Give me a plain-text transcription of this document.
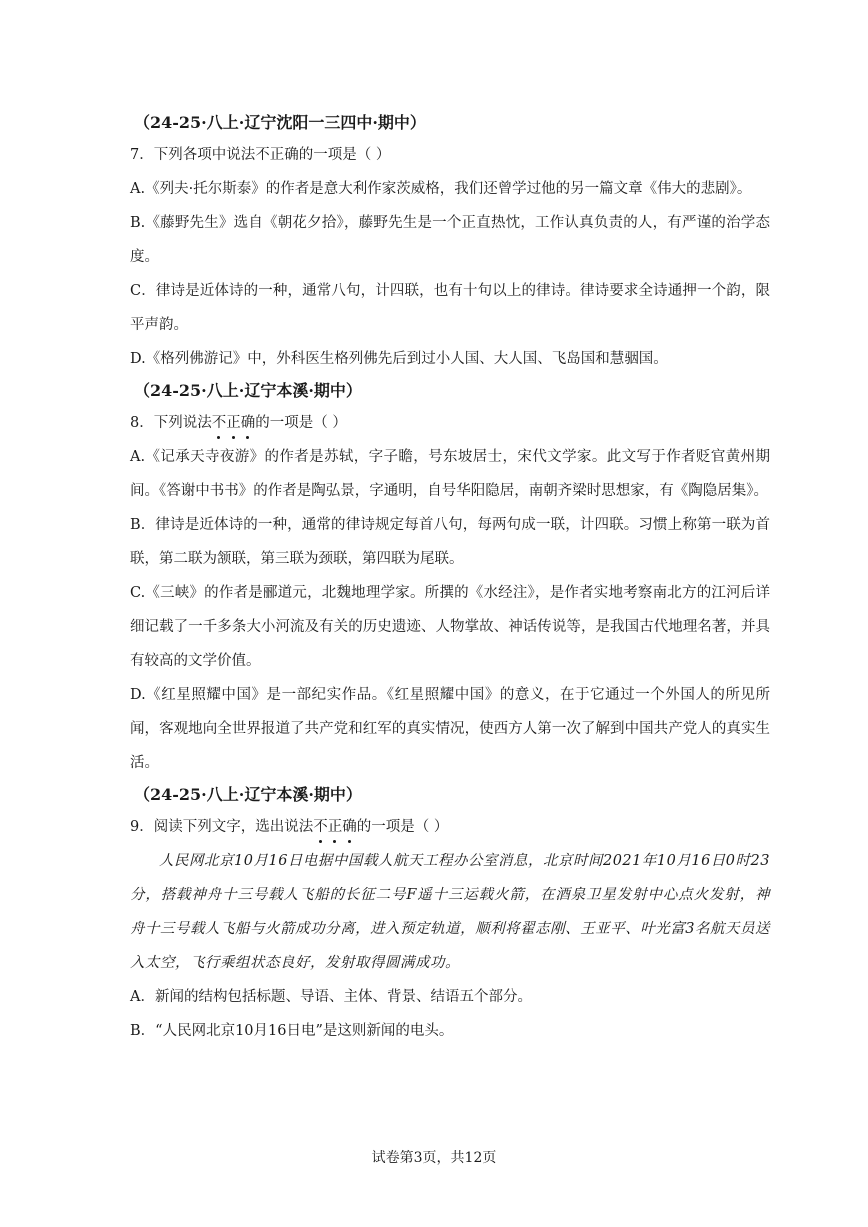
（24-25·八上·辽宁沈阳一三四中·期中）
7．下列各项中说法不正确的一项是（ ）
A.《列夫·托尔斯泰》的作者是意大利作家茨威格，我们还曾学过他的另一篇文章《伟大的悲剧》。
B.《藤野先生》选自《朝花夕拾》，藤野先生是一个正直热忱，工作认真负责的人，有严谨的治学态度。
C．律诗是近体诗的一种，通常八句，计四联，也有十句以上的律诗。律诗要求全诗通押一个韵，限平声韵。
D.《格列佛游记》中，外科医生格列佛先后到过小人国、大人国、飞岛国和慧骃国。
（24-25·八上·辽宁本溪·期中）
8．下列说法不正确的一项是（ ）
A.《记承天寺夜游》的作者是苏轼，字子瞻，号东坡居士，宋代文学家。此文写于作者贬官黄州期间。《答谢中书书》的作者是陶弘景，字通明，自号华阳隐居，南朝齐梁时思想家，有《陶隐居集》。
B．律诗是近体诗的一种，通常的律诗规定每首八句，每两句成一联，计四联。习惯上称第一联为首联，第二联为颔联，第三联为颈联，第四联为尾联。
C.《三峡》的作者是郦道元，北魏地理学家。所撰的《水经注》，是作者实地考察南北方的江河后详细记载了一千多条大小河流及有关的历史遗迹、人物掌故、神话传说等，是我国古代地理名著，并具有较高的文学价值。
D.《红星照耀中国》是一部纪实作品。《红星照耀中国》的意义，在于它通过一个外国人的所见所闻，客观地向全世界报道了共产党和红军的真实情况，使西方人第一次了解到中国共产党人的真实生活。
（24-25·八上·辽宁本溪·期中）
9．阅读下列文字，选出说法不正确的一项是（ ）
人民网北京10月16日电据中国载人航天工程办公室消息，北京时间2021年10月16日0时23分，搭载神舟十三号载人飞船的长征二号F遥十三运载火箭，在酒泉卫星发射中心点火发射，神舟十三号载人飞船与火箭成功分离，进入预定轨道，顺利将翟志刚、王亚平、叶光富3名航天员送入太空，飞行乘组状态良好，发射取得圆满成功。
A．新闻的结构包括标题、导语、主体、背景、结语五个部分。
B．“人民网北京10月16日电”是这则新闻的电头。
试卷第3页，共12页
